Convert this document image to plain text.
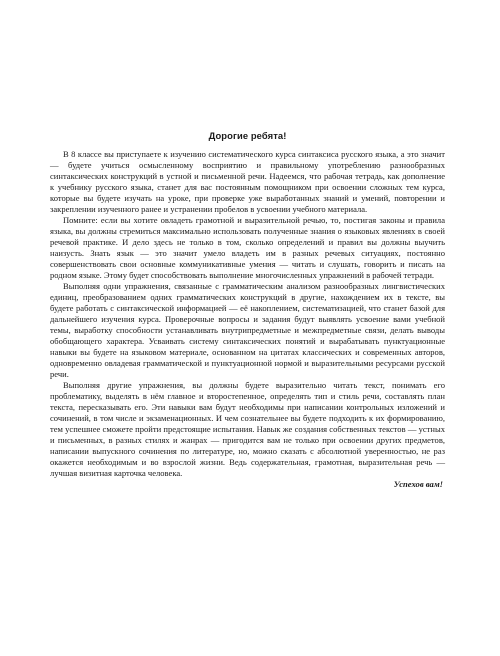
Дорогие ребята!

В 8 классе вы приступаете к изучению систематического курса синтаксиса русского языка, а это значит — будете учиться осмысленному восприятию и правильному употреблению разнообразных синтаксических конструкций в устной и письменной речи. Надеемся, что рабочая тетрадь, как дополнение к учебнику русского языка, станет для вас постоянным помощником при освоении сложных тем курса, которые вы будете изучать на уроке, при проверке уже выработанных знаний и умений, повторении и закреплении изученного ранее и устранении пробелов в усвоении учебного материала.

Помните: если вы хотите овладеть грамотной и выразительной речью, то, постигая законы и правила языка, вы должны стремиться максимально использовать полученные знания о языковых явлениях в своей речевой практике. И дело здесь не только в том, сколько определений и правил вы должны выучить наизусть. Знать язык — это значит умело владеть им в разных речевых ситуациях, постоянно совершенствовать свои основные коммуникативные умения — читать и слушать, говорить и писать на родном языке. Этому будет способствовать выполнение многочисленных упражнений в рабочей тетради.

Выполняя одни упражнения, связанные с грамматическим анализом разнообразных лингвистических единиц, преобразованием одних грамматических конструкций в другие, нахождением их в тексте, вы будете работать с синтаксической информацией — её накоплением, систематизацией, что станет базой для дальнейшего изучения курса. Проверочные вопросы и задания будут выявлять усвоение вами учебной темы, выработку способности устанавливать внутрипредметные и межпредметные связи, делать выводы обобщающего характера. Усваивать систему синтаксических понятий и вырабатывать пунктуационные навыки вы будете на языковом материале, основанном на цитатах классических и современных авторов, одновременно овладевая грамматической и пунктуационной нормой и выразительными ресурсами русской речи.

Выполняя другие упражнения, вы должны будете выразительно читать текст, понимать его проблематику, выделять в нём главное и второстепенное, определять тип и стиль речи, составлять план текста, пересказывать его. Эти навыки вам будут необходимы при написании контрольных изложений и сочинений, в том числе и экзаменационных. И чем сознательнее вы будете подходить к их формированию, тем успешнее сможете пройти предстоящие испытания. Навык же создания собственных текстов — устных и письменных, в разных стилях и жанрах — пригодится вам не только при освоении других предметов, написании выпускного сочинения по литературе, но, можно сказать с абсолютной уверенностью, не раз окажется необходимым и во взрослой жизни. Ведь содержательная, грамотная, выразительная речь — лучшая визитная карточка человека.

Успехов вам!
